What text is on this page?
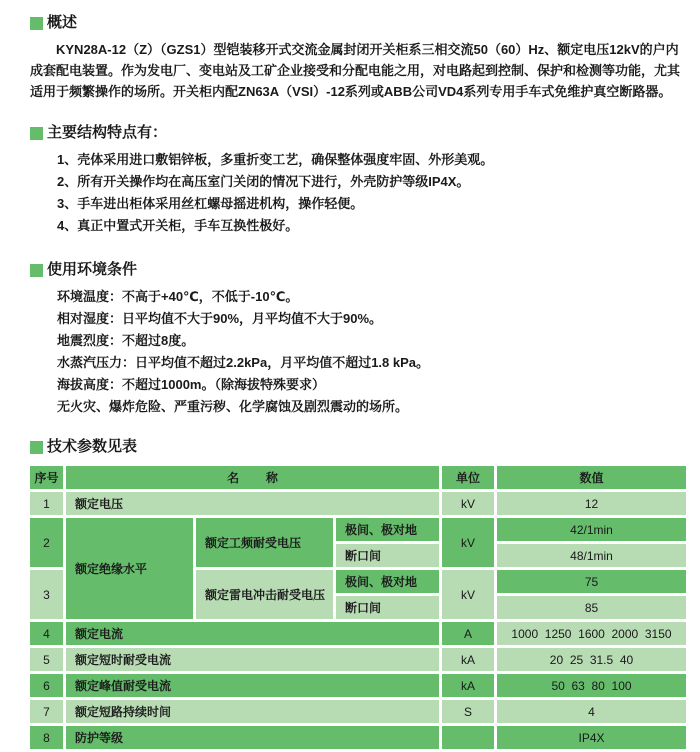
概述

KYN28A-12（Z）（GZS1）型铠装移开式交流金属封闭开关柜系三相交流50（60）Hz、额定电压12kV的户内成套配电装置。作为发电厂、变电站及工矿企业接受和分配电能之用，对电路起到控制、保护和检测等功能，尤其适用于频繁操作的场所。开关柜内配ZN63A（VSI）-12系列或ABB公司VD4系列专用手车式免维护真空断路器。

主要结构特点有：
1、壳体采用进口敷铝锌板，多重折变工艺，确保整体强度牢固、外形美观。
2、所有开关操作均在高压室门关闭的情况下进行，外壳防护等级IP4X。
3、手车进出柜体采用丝杠螺母摇进机构，操作轻便。
4、真正中置式开关柜，手车互换性极好。
使用环境条件
环境温度：不高于+40℃，不低于-10℃。
相对湿度：日平均值不大于90%，月平均值不大于90%。
地震烈度：不超过8度。
水蒸汽压力：日平均值不超过2.2kPa，月平均值不超过1.8 kPa。
海拔高度：不超过1000m。（除海拔特殊要求）
无火灾、爆炸危险、严重污秽、化学腐蚀及剧烈震动的场所。
技术参数见表
序号	名        称			单位	数值
1	额定电压			kV	12
2	额定绝缘水平	额定工频耐受电压	极间、极对地	kV	42/1min
			断口间		48/1min
3		额定雷电冲击耐受电压	极间、极对地	kV	75
			断口间		85
4	额定电流			A	1000  1250  1600  2000  3150
5	额定短时耐受电流			kA	20  25  31.5  40
6	额定峰值耐受电流			kA	50  63  80  100
7	额定短路持续时间			S	4
8	防护等级				IP4X
